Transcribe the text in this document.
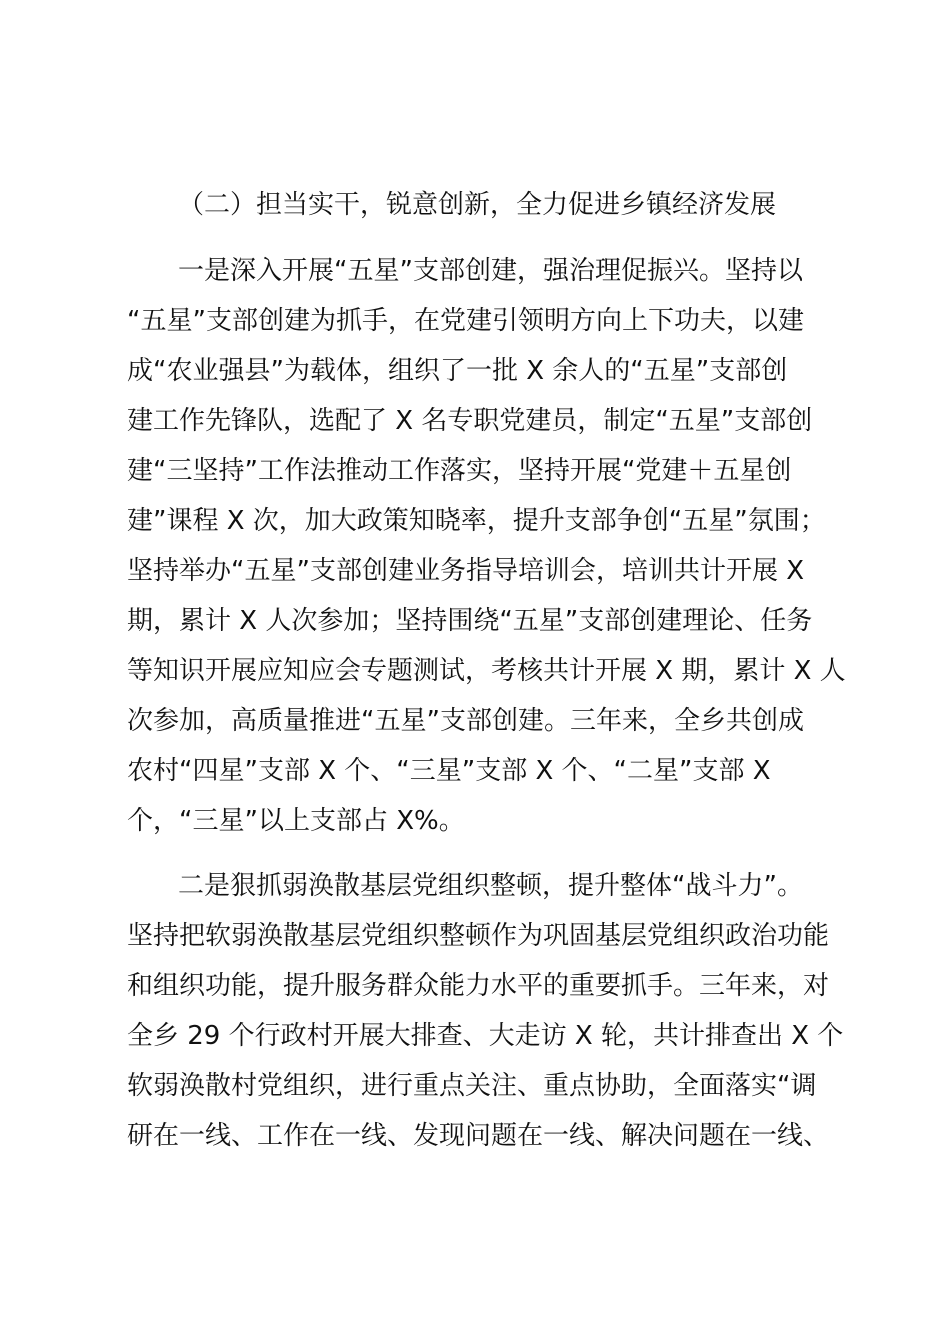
（二）担当实干，锐意创新，全力促进乡镇经济发展
一是深入开展“五星”支部创建，强治理促振兴。坚持以
“五星”支部创建为抓手，在党建引领明方向上下功夫，以建
成“农业强县”为载体，组织了一批 X 余人的“五星”支部创
建工作先锋队，选配了 X 名专职党建员，制定“五星”支部创
建“三坚持”工作法推动工作落实，坚持开展“党建＋五星创
建”课程 X 次，加大政策知晓率，提升支部争创“五星”氛围；
坚持举办“五星”支部创建业务指导培训会，培训共计开展 X
期，累计 X 人次参加；坚持围绕“五星”支部创建理论、任务
等知识开展应知应会专题测试，考核共计开展 X 期，累计 X 人
次参加，高质量推进“五星”支部创建。三年来，全乡共创成
农村“四星”支部 X 个、“三星”支部 X 个、“二星”支部 X
个，“三星”以上支部占 X%。
二是狠抓弱涣散基层党组织整顿，提升整体“战斗力”。
坚持把软弱涣散基层党组织整顿作为巩固基层党组织政治功能
和组织功能，提升服务群众能力水平的重要抓手。三年来，对
全乡 29 个行政村开展大排查、大走访 X 轮，共计排查出 X 个
软弱涣散村党组织，进行重点关注、重点协助，全面落实“调
研在一线、工作在一线、发现问题在一线、解决问题在一线、
